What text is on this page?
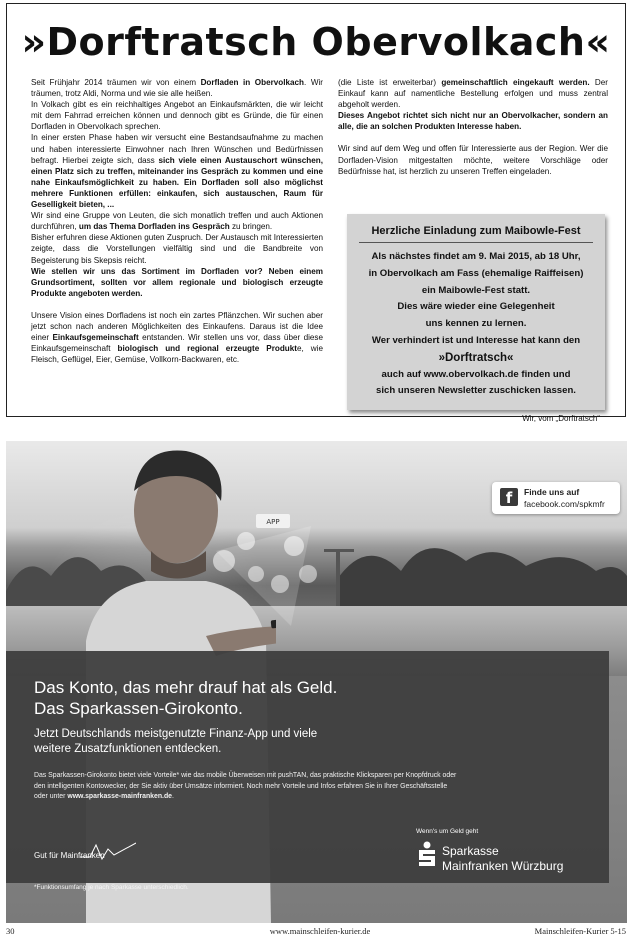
»Dorftratsch Obervolkach«

Seit Frühjahr 2014 träumen wir von einem Dorfladen in Obervolkach. Wir träumen, trotz Aldi, Norma und wie sie alle heißen.

In Volkach gibt es ein reichhaltiges Angebot an Einkaufsmärkten, die wir leicht mit dem Fahrrad erreichen können und dennoch gibt es Gründe, die für einen Dorfladen in Obervolkach sprechen.

In einer ersten Phase haben wir versucht eine Bestandsaufnahme zu machen und haben interessierte Einwohner nach Ihren Wünschen und Bedürfnissen befragt. Hierbei zeigte sich, dass sich viele einen Austauschort wünschen, einen Platz sich zu treffen, miteinander ins Gespräch zu kommen und eine nahe Einkaufsmöglichkeit zu haben. Ein Dorfladen soll also möglichst mehrere Funktionen erfüllen: einkaufen, sich austauschen, Raum für Geselligkeit bieten, ...

Wir sind eine Gruppe von Leuten, die sich monatlich treffen und auch Aktionen durchführen, um das Thema Dorfladen ins Gespräch zu bringen.

Bisher erfuhren diese Aktionen guten Zuspruch. Der Austausch mit Interessierten zeigte, dass die Vorstellungen vielfältig sind und die Bandbreite von Begeisterung bis Skepsis reicht.

Wie stellen wir uns das Sortiment im Dorfladen vor? Neben einem Grundsortiment, sollten vor allem regionale und biologisch erzeugte Produkte angeboten werden.

Unsere Vision eines Dorfladens ist noch ein zartes Pflänzchen. Wir suchen aber jetzt schon nach anderen Möglichkeiten des Einkaufens. Daraus ist die Idee einer Einkaufsgemeinschaft entstanden. Wir stellen uns vor, dass über diese Einkaufsgemeinschaft biologisch und regional erzeugte Produkte, wie Fleisch, Geflügel, Eier, Gemüse, Vollkorn-Backwaren, etc.

(die Liste ist erweiterbar) gemeinschaftlich eingekauft werden. Der Einkauf kann auf namentliche Bestellung erfolgen und muss zentral abgeholt werden.

Dieses Angebot richtet sich nicht nur an Obervolkacher, sondern an alle, die an solchen Produkten Interesse haben.

Wir sind auf dem Weg und offen für Interessierte aus der Region. Wer die Dorfladen-Vision mitgestalten möchte, weitere Vorschläge oder Bedürfnisse hat, ist herzlich zu unseren Treffen eingeladen.

Herzliche Einladung zum Maibowle-Fest
Als nächstes findet am 9. Mai 2015, ab 18 Uhr,
in Obervolkach am Fass (ehemalige Raiffeisen)
ein Maibowle-Fest statt.
Dies wäre wieder eine Gelegenheit
uns kennen zu lernen.
Wer verhindert ist und Interesse hat kann den
»Dorftratsch«
auch auf www.obervolkach.de finden und
sich unseren Newsletter zuschicken lassen.
Wir, vom „Dorftratsch“
APP
f	Finde uns auf
facebook.com/spkmfr
Das Konto, das mehr drauf hat als Geld.
Das Sparkassen-Girokonto.
Jetzt Deutschlands meistgenutzte Finanz-App und viele
weitere Zusatzfunktionen entdecken.
Das Sparkassen-Girokonto bietet viele Vorteile* wie das mobile Überweisen mit pushTAN, das praktische Klicksparen per Knopfdruck oder
den intelligenten Kontowecker, der Sie aktiv über Umsätze informiert. Noch mehr Vorteile und Infos erfahren Sie in Ihrer Geschäftsstelle
oder unter www.sparkasse-mainfranken.de.
Gut für Mainfranken
Wenn's um Geld geht
Sparkasse
Mainfranken Würzburg
*Funktionsumfang je nach Sparkasse unterschiedlich.
30	www.mainschleifen-kurier.de	Mainschleifen-Kurier 5-15
